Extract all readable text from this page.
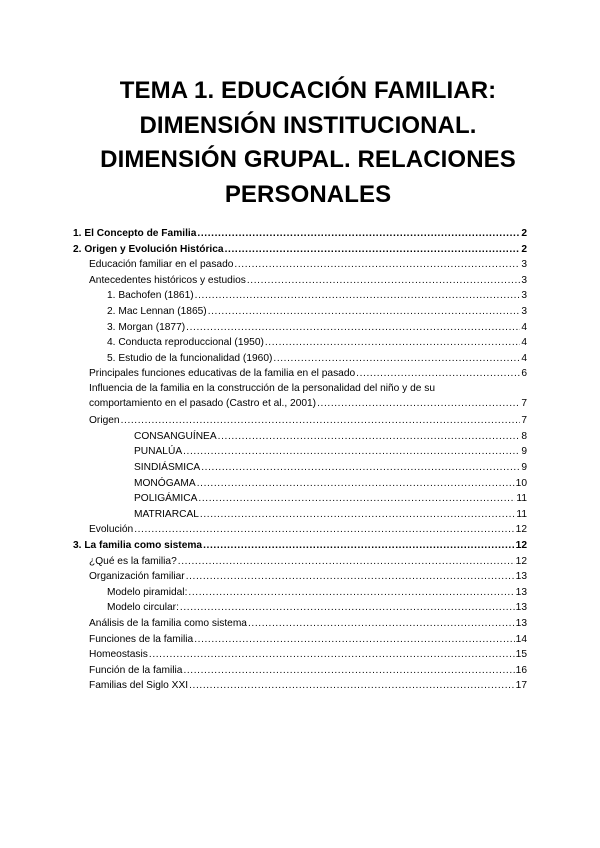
TEMA 1. EDUCACIÓN FAMILIAR:
DIMENSIÓN INSTITUCIONAL.
DIMENSIÓN GRUPAL. RELACIONES
PERSONALES
1. El Concepto de Familia .....	2
2. Origen y Evolución Histórica .....	2
Educación familiar en el pasado .....	3
Antecedentes históricos y estudios .....	3
1. Bachofen (1861) .....	3
2. Mac Lennan (1865) .....	3
3. Morgan (1877) .....	4
4. Conducta reproduccional (1950) .....	4
5. Estudio de la funcionalidad (1960) .....	4
Principales funciones educativas de la familia en el pasado .....	6
Influencia de la familia en la construcción de la personalidad del niño y de su
comportamiento en el pasado (Castro et al., 2001) .....	7
Origen .....	7
CONSANGUÍNEA .....	8
PUNALÚA .....	9
SINDIÁSMICA .....	9
MONÓGAMA .....	10
POLIGÁMICA .....	11
MATRIARCAL .....	11
Evolución .....	12
3. La familia como sistema .....	12
¿Qué es la familia? .....	12
Organización familiar .....	13
Modelo piramidal: .....	13
Modelo circular: .....	13
Análisis de la familia como sistema .....	13
Funciones de la familia .....	14
Homeostasis .....	15
Función de la familia .....	16
Familias del Siglo XXI .....	17
